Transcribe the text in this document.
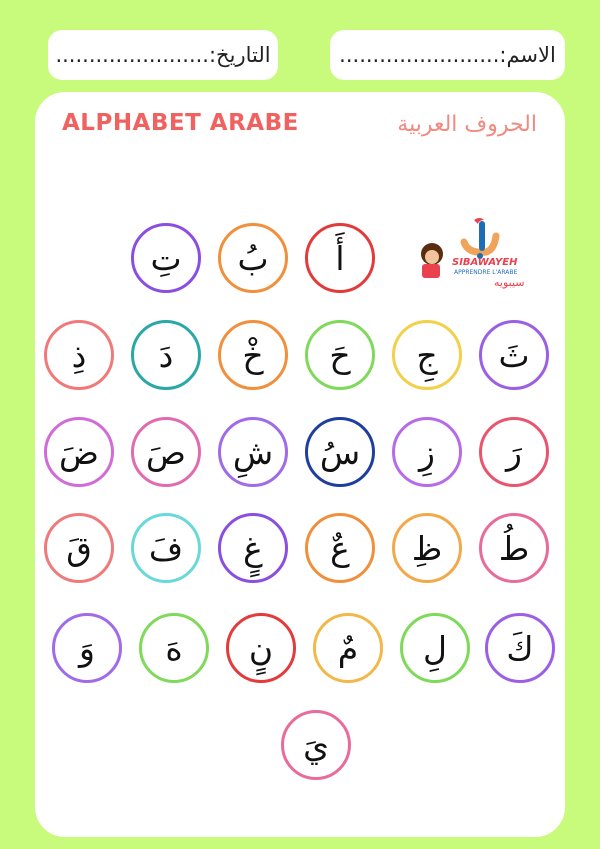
التاريخ:.......................	الاسم:........................
ALPHABET ARABE	الحروف العربية
SIBAWAYEH
APPRENDRE L'ARABE
سيبويه
أَ
بُ
تِ
ثَ
جِ
حَ
خْ
دَ
ذِ
رَ
زِ
سُ
شِ
صَ
ضَ
طُ
ظِ
عٌ
غٍ
فَ
قَ
كَ
لِ
مٌ
نٍ
هَ
وَ
يَ
